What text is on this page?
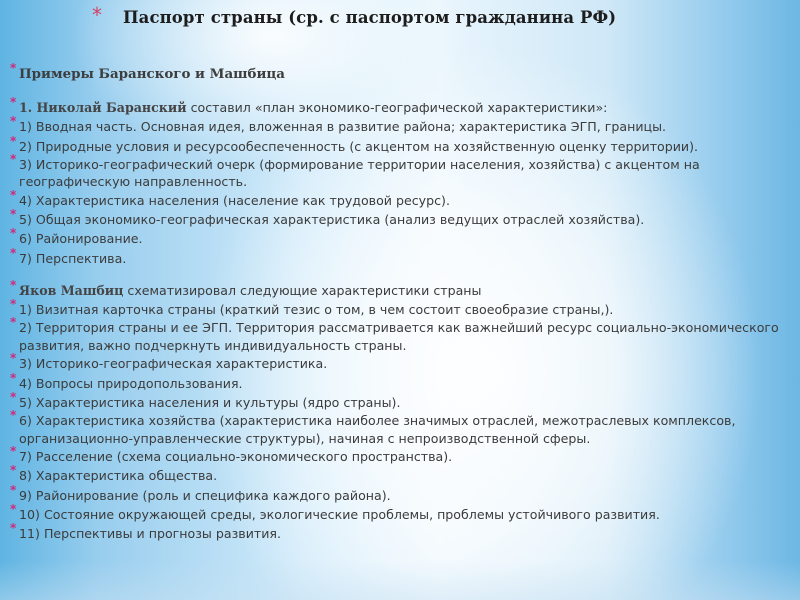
* Паспорт страны (ср. с паспортом гражданина РФ)
* Примеры Баранского и Машбица
* 1. Николай Баранский составил «план экономико-географической характеристики»:
* 1) Вводная часть. Основная идея, вложенная в развитие района; характеристика ЭГП, границы.
* 2) Природные условия и ресурсообеспеченность (с акцентом на хозяйственную оценку территории).
* 3) Историко-географический очерк (формирование территории населения, хозяйства) с акцентом на географическую направленность.
* 4) Характеристика населения (население как трудовой ресурс).
* 5) Общая экономико-географическая характеристика (анализ ведущих отраслей хозяйства).
* 6) Районирование.
* 7) Перспектива.
* Яков Машбиц схематизировал следующие характеристики страны
* 1) Визитная карточка страны (краткий тезис о том, в чем состоит своеобразие страны,).
* 2) Территория страны и ее ЭГП. Территория рассматривается как важнейший ресурс социально-экономического развития, важно подчеркнуть индивидуальность страны.
* 3) Историко-географическая характеристика.
* 4) Вопросы природопользования.
* 5) Характеристика населения и культуры (ядро страны).
* 6) Характеристика хозяйства (характеристика наиболее значимых отраслей, межотраслевых комплексов, организационно-управленческие структуры), начиная с непроизводственной сферы.
* 7) Расселение (схема социально-экономического пространства).
* 8) Характеристика общества.
* 9) Районирование (роль и специфика каждого района).
* 10) Состояние окружающей среды, экологические проблемы, проблемы устойчивого развития.
* 11) Перспективы и прогнозы развития.
